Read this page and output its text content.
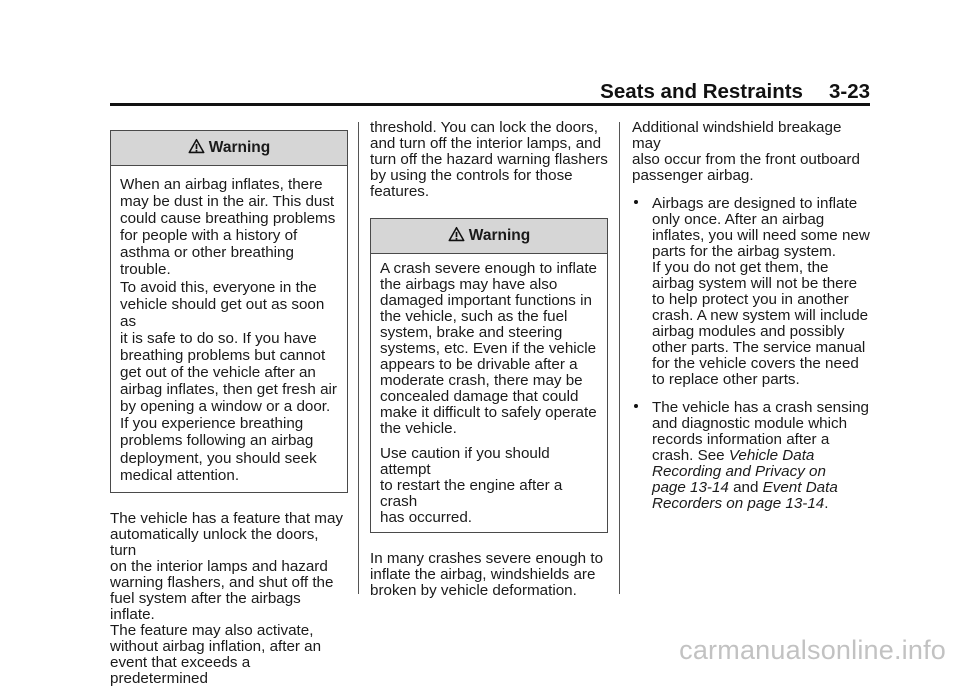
Seats and Restraints 3-23
Warning

When an airbag inflates, there
may be dust in the air. This dust
could cause breathing problems
for people with a history of
asthma or other breathing trouble.
To avoid this, everyone in the
vehicle should get out as soon as
it is safe to do so. If you have
breathing problems but cannot
get out of the vehicle after an
airbag inflates, then get fresh air
by opening a window or a door.
If you experience breathing
problems following an airbag
deployment, you should seek
medical attention.

The vehicle has a feature that may
automatically unlock the doors, turn
on the interior lamps and hazard
warning flashers, and shut off the
fuel system after the airbags inflate.
The feature may also activate,
without airbag inflation, after an
event that exceeds a predetermined

threshold. You can lock the doors,
and turn off the interior lamps, and
turn off the hazard warning flashers
by using the controls for those
features.

Warning

A crash severe enough to inflate
the airbags may have also
damaged important functions in
the vehicle, such as the fuel
system, brake and steering
systems, etc. Even if the vehicle
appears to be drivable after a
moderate crash, there may be
concealed damage that could
make it difficult to safely operate
the vehicle.

Use caution if you should attempt
to restart the engine after a crash
has occurred.

In many crashes severe enough to
inflate the airbag, windshields are
broken by vehicle deformation.

Additional windshield breakage may
also occur from the front outboard
passenger airbag.

Airbags are designed to inflate
only once. After an airbag
inflates, you will need some new
parts for the airbag system.
If you do not get them, the
airbag system will not be there
to help protect you in another
crash. A new system will include
airbag modules and possibly
other parts. The service manual
for the vehicle covers the need
to replace other parts.
The vehicle has a crash sensing
and diagnostic module which
records information after a
crash. See Vehicle Data
Recording and Privacy on
page 13-14 and Event Data
Recorders on page 13-14.
carmanualsonline.info
